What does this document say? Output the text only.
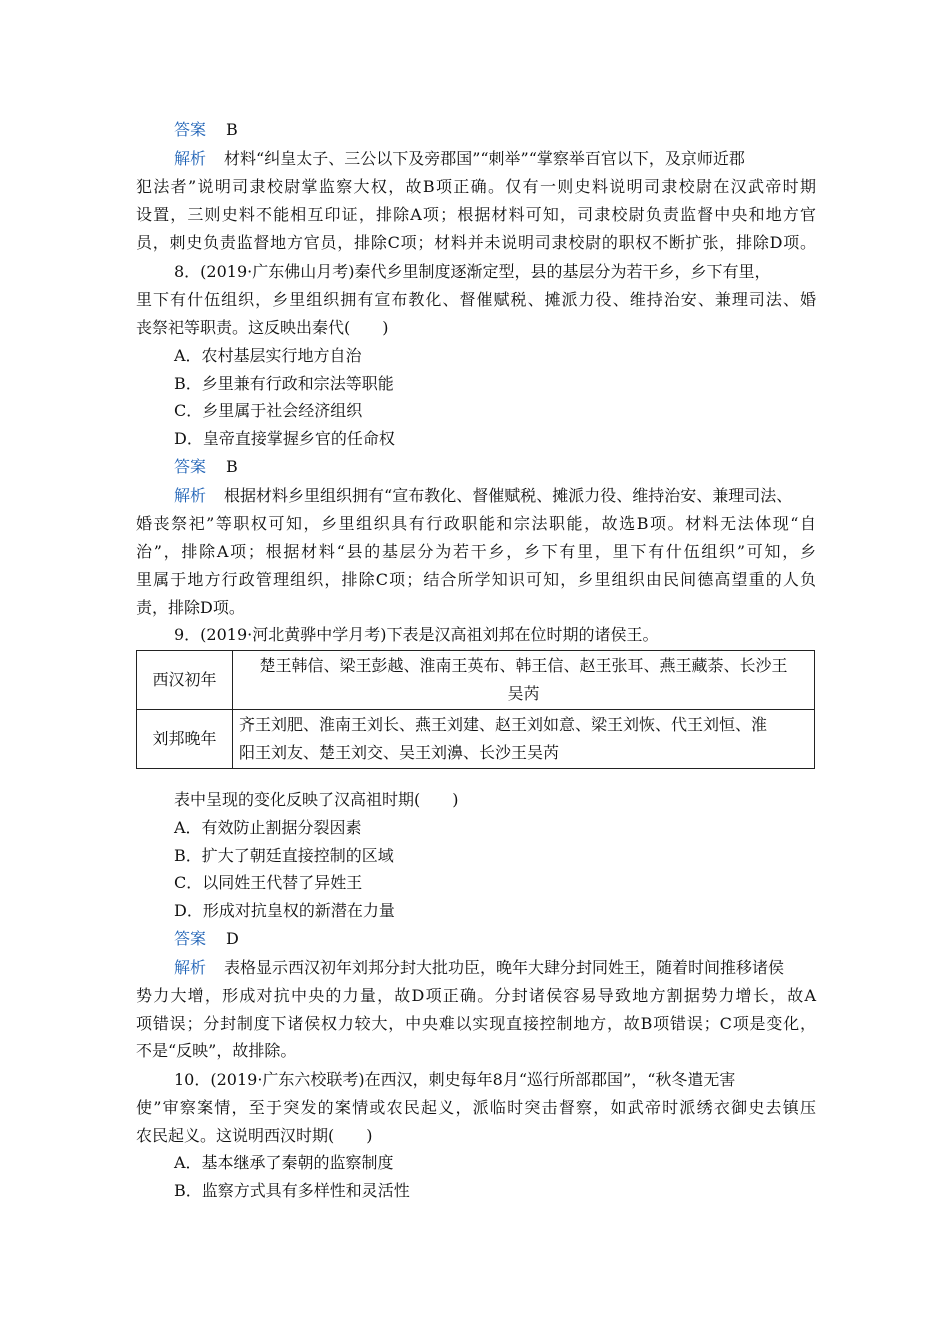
答案 B
解析 材料“纠皇太子、三公以下及旁郡国”“刺举”“掌察举百官以下，及京师近郡
犯法者”说明司隶校尉掌监察大权，故B项正确。仅有一则史料说明司隶校尉在汉武帝时期
设置，三则史料不能相互印证，排除A项；根据材料可知，司隶校尉负责监督中央和地方官
员，刺史负责监督地方官员，排除C项；材料并未说明司隶校尉的职权不断扩张，排除D项。
8．(2019·广东佛山月考)秦代乡里制度逐渐定型，县的基层分为若干乡，乡下有里，
里下有什伍组织，乡里组织拥有宣布教化、督催赋税、摊派力役、维持治安、兼理司法、婚
丧祭祀等职责。这反映出秦代(　　)
A．农村基层实行地方自治
B．乡里兼有行政和宗法等职能
C．乡里属于社会经济组织
D．皇帝直接掌握乡官的任命权
答案 B
解析 根据材料乡里组织拥有“宣布教化、督催赋税、摊派力役、维持治安、兼理司法、
婚丧祭祀”等职权可知，乡里组织具有行政职能和宗法职能，故选B项。材料无法体现“自
治”，排除A项；根据材料“县的基层分为若干乡，乡下有里，里下有什伍组织”可知，乡
里属于地方行政管理组织，排除C项；结合所学知识可知，乡里组织由民间德高望重的人负
责，排除D项。
9．(2019·河北黄骅中学月考)下表是汉高祖刘邦在位时期的诸侯王。
西汉初年	楚王韩信、梁王彭越、淮南王英布、韩王信、赵王张耳、燕王藏荼、长沙王
吴芮

刘邦晚年	齐王刘肥、淮南王刘长、燕王刘建、赵王刘如意、梁王刘恢、代王刘恒、淮
阳王刘友、楚王刘交、吴王刘濞、长沙王吴芮
表中呈现的变化反映了汉高祖时期(　　)
A．有效防止割据分裂因素
B．扩大了朝廷直接控制的区域
C．以同姓王代替了异姓王
D．形成对抗皇权的新潜在力量
答案 D
解析 表格显示西汉初年刘邦分封大批功臣，晚年大肆分封同姓王，随着时间推移诸侯
势力大增，形成对抗中央的力量，故D项正确。分封诸侯容易导致地方割据势力增长，故A
项错误；分封制度下诸侯权力较大，中央难以实现直接控制地方，故B项错误；C项是变化，
不是“反映”，故排除。
10．(2019·广东六校联考)在西汉，刺史每年8月“巡行所部郡国”，“秋冬遣无害
使”审察案情，至于突发的案情或农民起义，派临时突击督察，如武帝时派绣衣御史去镇压
农民起义。这说明西汉时期(　　)
A．基本继承了秦朝的监察制度
B．监察方式具有多样性和灵活性
